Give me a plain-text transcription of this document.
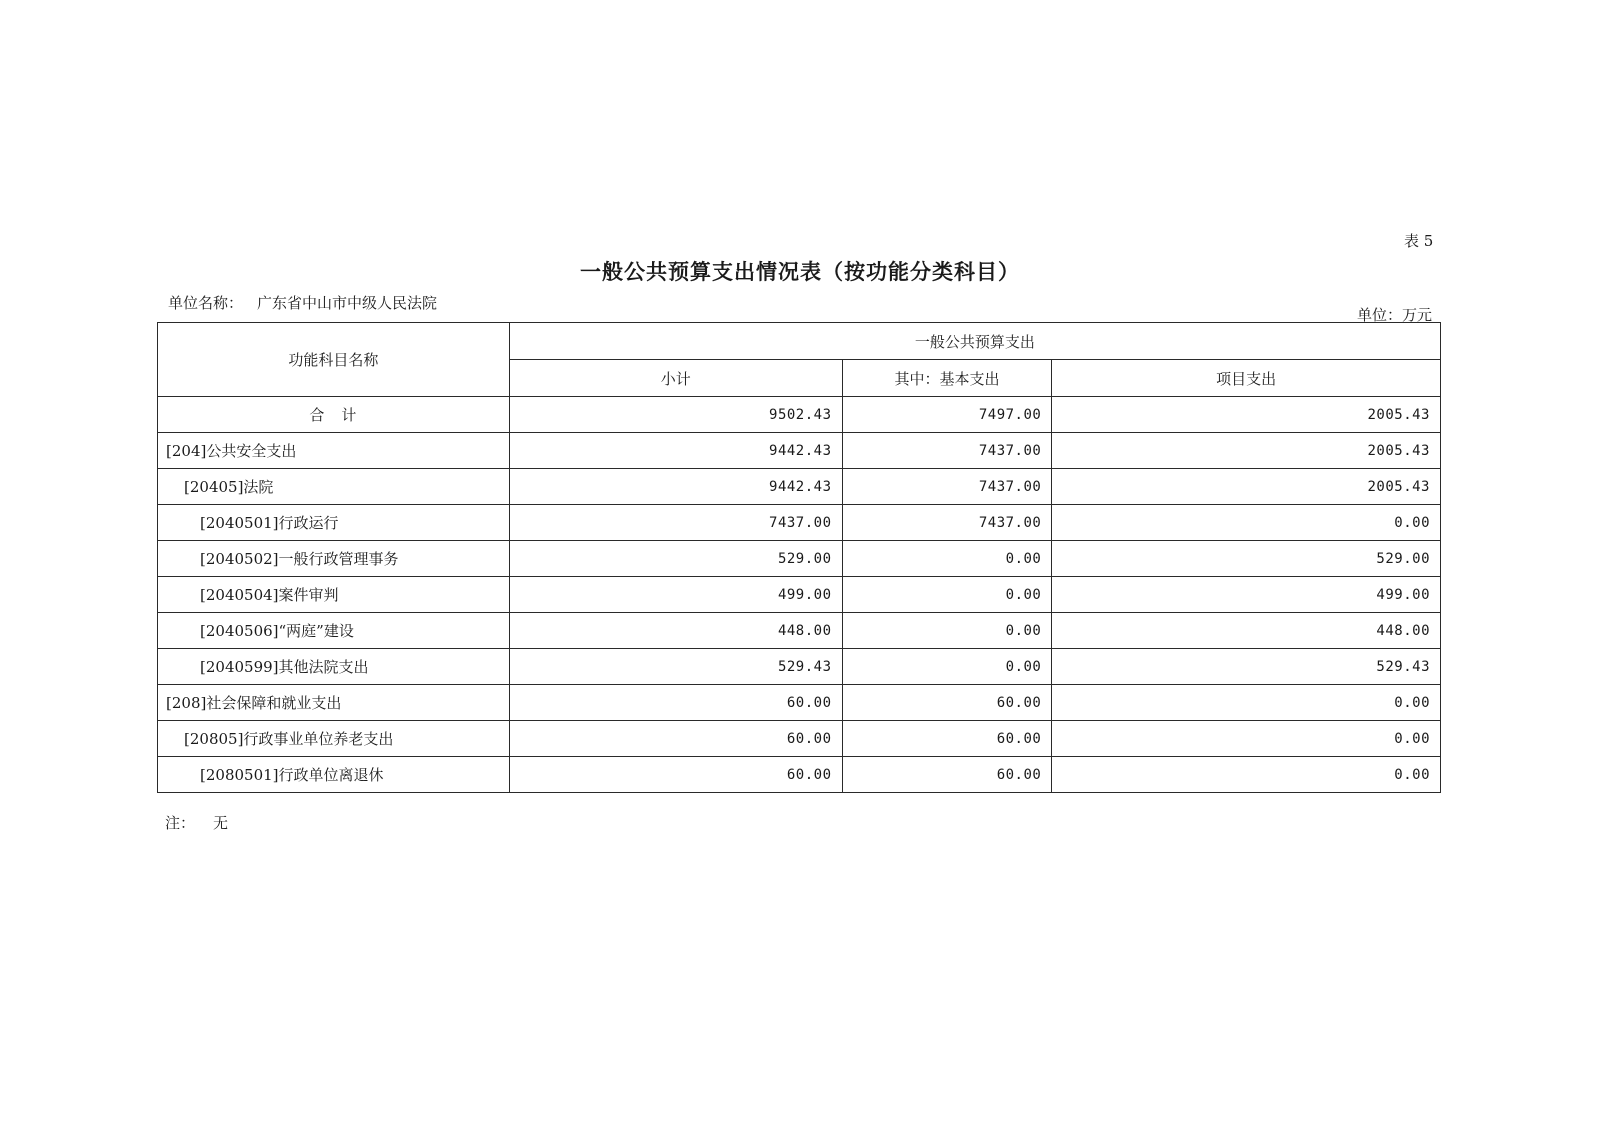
表 5
一般公共预算支出情况表（按功能分类科目）
单位名称： 广东省中山市中级人民法院
单位：万元
功能科目名称	一般公共预算支出		
	小计	其中：基本支出	项目支出
合　计	9502.43	7497.00	2005.43
[204]公共安全支出	9442.43	7437.00	2005.43
[20405]法院	9442.43	7437.00	2005.43
[2040501]行政运行	7437.00	7437.00	0.00
[2040502]一般行政管理事务	529.00	0.00	529.00
[2040504]案件审判	499.00	0.00	499.00
[2040506]“两庭”建设	448.00	0.00	448.00
[2040599]其他法院支出	529.43	0.00	529.43
[208]社会保障和就业支出	60.00	60.00	0.00
[20805]行政事业单位养老支出	60.00	60.00	0.00
[2080501]行政单位离退休	60.00	60.00	0.00
注： 无
